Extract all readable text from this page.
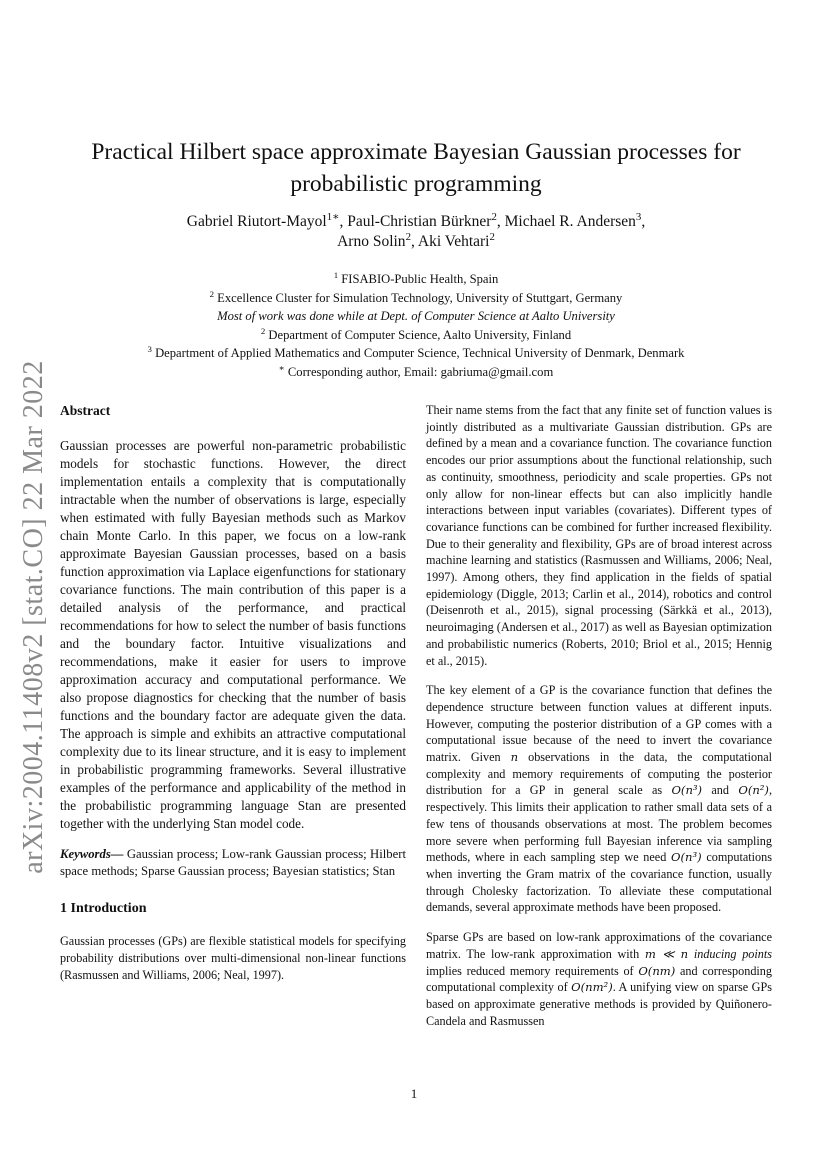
arXiv:2004.11408v2 [stat.CO] 22 Mar 2022
Practical Hilbert space approximate Bayesian Gaussian processes for probabilistic programming
Gabriel Riutort-Mayol$^{1∗}$, Paul-Christian Bürkner$^2$, Michael R. Andersen$^3$,
Arno Solin$^2$, Aki Vehtari$^2$
$^1$ FISABIO-Public Health, Spain
$^2$ Excellence Cluster for Simulation Technology, University of Stuttgart, Germany
Most of work was done while at Dept. of Computer Science at Aalto University
$^2$ Department of Computer Science, Aalto University, Finland
$^3$ Department of Applied Mathematics and Computer Science, Technical University of Denmark, Denmark
∗ Corresponding author, Email: gabriuma@gmail.com
Abstract

Gaussian processes are powerful non-parametric probabilistic models for stochastic functions. However, the direct implementation entails a complexity that is computationally intractable when the number of observations is large, especially when estimated with fully Bayesian methods such as Markov chain Monte Carlo. In this paper, we focus on a low-rank approximate Bayesian Gaussian processes, based on a basis function approximation via Laplace eigenfunctions for stationary covariance functions. The main contribution of this paper is a detailed analysis of the performance, and practical recommendations for how to select the number of basis functions and the boundary factor. Intuitive visualizations and recommendations, make it easier for users to improve approximation accuracy and computational performance. We also propose diagnostics for checking that the number of basis functions and the boundary factor are adequate given the data. The approach is simple and exhibits an attractive computational complexity due to its linear structure, and it is easy to implement in probabilistic programming frameworks. Several illustrative examples of the performance and applicability of the method in the probabilistic programming language Stan are presented together with the underlying Stan model code.

Keywords— Gaussian process; Low-rank Gaussian process; Hilbert space methods; Sparse Gaussian process; Bayesian statistics; Stan

1 Introduction

Gaussian processes (GPs) are flexible statistical models for specifying probability distributions over multi-dimensional non-linear functions (Rasmussen and Williams, 2006; Neal, 1997).

Their name stems from the fact that any finite set of function values is jointly distributed as a multivariate Gaussian distribution. GPs are defined by a mean and a covariance function. The covariance function encodes our prior assumptions about the functional relationship, such as continuity, smoothness, periodicity and scale properties. GPs not only allow for non-linear effects but can also implicitly handle interactions between input variables (covariates). Different types of covariance functions can be combined for further increased flexibility. Due to their generality and flexibility, GPs are of broad interest across machine learning and statistics (Rasmussen and Williams, 2006; Neal, 1997). Among others, they find application in the fields of spatial epidemiology (Diggle, 2013; Carlin et al., 2014), robotics and control (Deisenroth et al., 2015), signal processing (Särkkä et al., 2013), neuroimaging (Andersen et al., 2017) as well as Bayesian optimization and probabilistic numerics (Roberts, 2010; Briol et al., 2015; Hennig et al., 2015).

The key element of a GP is the covariance function that defines the dependence structure between function values at different inputs. However, computing the posterior distribution of a GP comes with a computational issue because of the need to invert the covariance matrix. Given n observations in the data, the computational complexity and memory requirements of computing the posterior distribution for a GP in general scale as O(n³) and O(n²), respectively. This limits their application to rather small data sets of a few tens of thousands observations at most. The problem becomes more severe when performing full Bayesian inference via sampling methods, where in each sampling step we need O(n³) computations when inverting the Gram matrix of the covariance function, usually through Cholesky factorization. To alleviate these computational demands, several approximate methods have been proposed.

Sparse GPs are based on low-rank approximations of the covariance matrix. The low-rank approximation with m ≪ n inducing points implies reduced memory requirements of O(nm) and corresponding computational complexity of O(nm²). A unifying view on sparse GPs based on approximate generative methods is provided by Quiñonero-Candela and Rasmussen

1
